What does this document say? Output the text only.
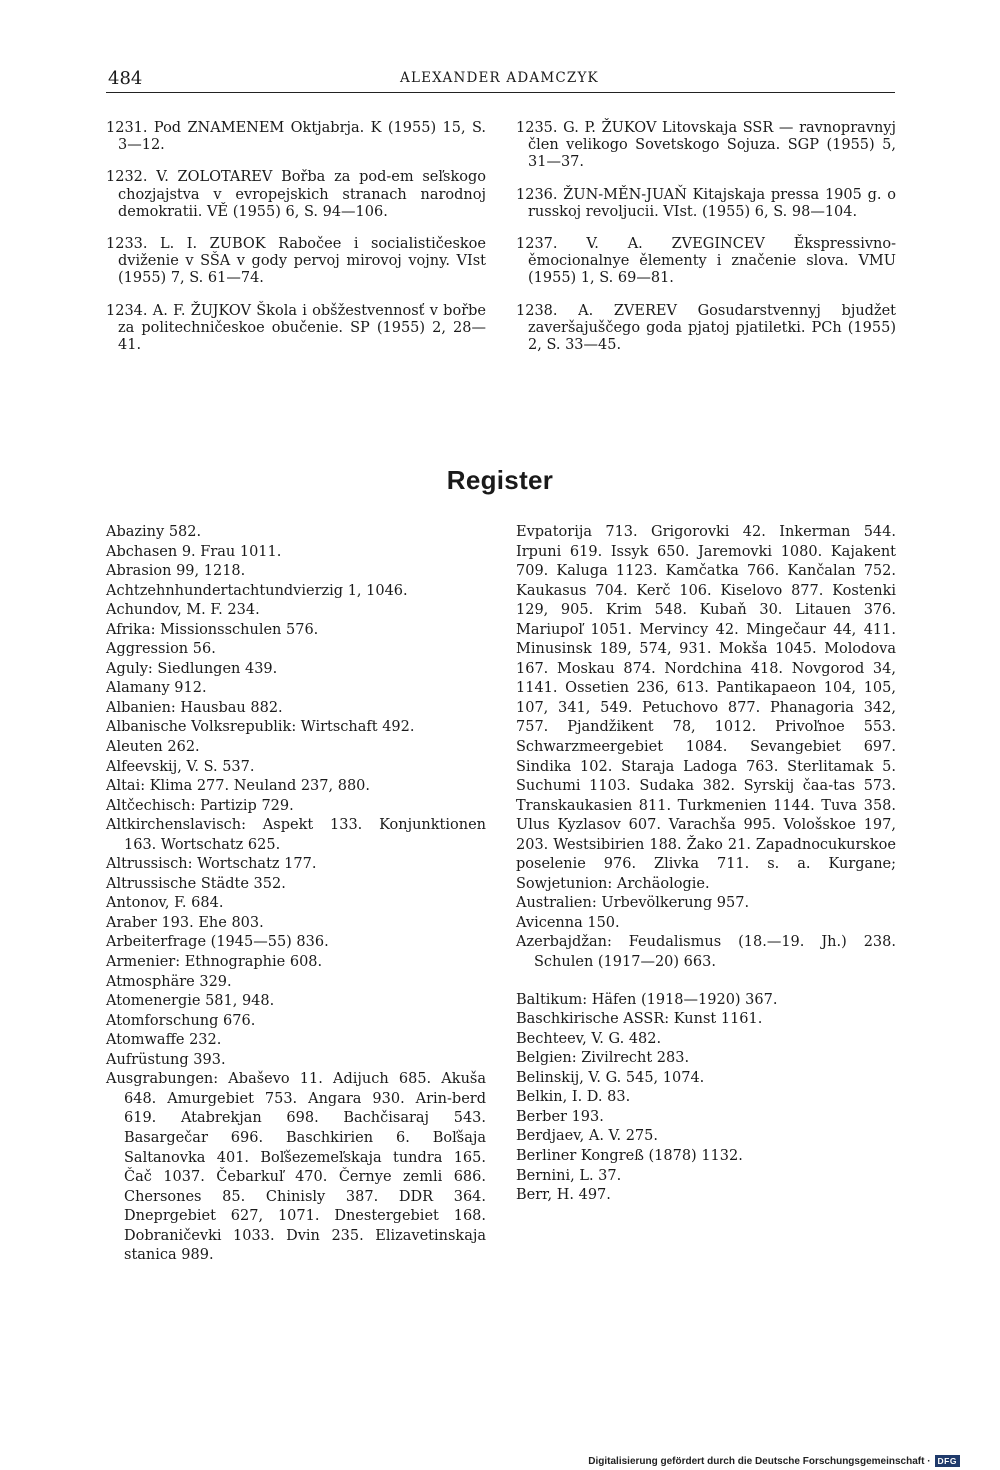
484	ALEXANDER ADAMCZYK

1231. Pod ZNAMENEM Oktjabrja. K (1955) 15, S. 3—12.

1232. V. ZOLOTAREV Bořba za pod-em seľskogo chozjajstva v evropejskich stranach narodnoj demokratii. VĚ (1955) 6, S. 94—106.

1233. L. I. ZUBOK Rabočee i socialističeskoe dviženie v SŠA v gody pervoj mirovoj vojny. VIst (1955) 7, S. 61—74.

1234. A. F. ŽUJKOV Škola i obšžestvennosť v bořbe za politechničeskoe obučenie. SP (1955) 2, 28—41.

1235. G. P. ŽUKOV Litovskaja SSR — ravnopravnyj člen velikogo Sovetskogo Sojuza. SGP (1955) 5, 31—37.

1236. ŽUN-MĚN-JUAŇ Kitajskaja pressa 1905 g. o russkoj revoljucii. VIst. (1955) 6, S. 98—104.

1237. V. A. ZVEGINCEV Ěkspressivno-ěmocionalnye ělementy i značenie slova. VMU (1955) 1, S. 69—81.

1238. A. ZVEREV Gosudarstvennyj bjudžet zaveršajuščego goda pjatoj pjatiletki. PCh (1955) 2, S. 33—45.

Register

Abaziny 582.

Abchasen 9. Frau 1011.

Abrasion 99, 1218.

Achtzehnhundertachtundvierzig 1, 1046.

Achundov, M. F. 234.

Afrika: Missionsschulen 576.

Aggression 56.

Aguly: Siedlungen 439.

Alamany 912.

Albanien: Hausbau 882.

Albanische Volksrepublik: Wirtschaft 492.

Aleuten 262.

Alfeevskij, V. S. 537.

Altai: Klima 277. Neuland 237, 880.

Altčechisch: Partizip 729.

Altkirchenslavisch: Aspekt 133. Konjunktionen 163. Wortschatz 625.

Altrussisch: Wortschatz 177.

Altrussische Städte 352.

Antonov, F. 684.

Araber 193. Ehe 803.

Arbeiterfrage (1945—55) 836.

Armenier: Ethnographie 608.

Atmosphäre 329.

Atomenergie 581, 948.

Atomforschung 676.

Atomwaffe 232.

Aufrüstung 393.

Ausgrabungen: Abaševo 11. Adijuch 685. Akuša 648. Amurgebiet 753. Angara 930. Arin-berd 619. Atabrekjan 698. Bachčisaraj 543. Basargečar 696. Baschkirien 6. Boľšaja Saltanovka 401. Boľšezemeľskaja tundra 165. Čač 1037. Čebarkuľ 470. Černye zemli 686. Chersones 85. Chinisly 387. DDR 364. Dneprgebiet 627, 1071. Dnestergebiet 168. Dobraničevki 1033. Dvin 235. Elizavetinskaja stanica 989.

Evpatorija 713. Grigorovki 42. Inkerman 544. Irpuni 619. Issyk 650. Jaremovki 1080. Kajakent 709. Kaluga 1123. Kamčatka 766. Kančalan 752. Kaukasus 704. Kerč 106. Kiselovo 877. Kostenki 129, 905. Krim 548. Kubaň 30. Litauen 376. Mariupoľ 1051. Mervincy 42. Mingečaur 44, 411. Minusinsk 189, 574, 931. Mokša 1045. Molodova 167. Moskau 874. Nordchina 418. Novgorod 34, 1141. Ossetien 236, 613. Pantikapaeon 104, 105, 107, 341, 549. Petuchovo 877. Phanagoria 342, 757. Pjandžikent 78, 1012. Privoľnoe 553. Schwarzmeergebiet 1084. Sevangebiet 697. Sindika 102. Staraja Ladoga 763. Sterlitamak 5. Suchumi 1103. Sudaka 382. Syrskij čaa-tas 573. Transkaukasien 811. Turkmenien 1144. Tuva 358. Ulus Kyzlasov 607. Varachša 995. Vološskoe 197, 203. Westsibirien 188. Žako 21. Zapadnocukurskoe poselenie 976. Zlivka 711. s. a. Kurgane; Sowjetunion: Archäologie.

Australien: Urbevölkerung 957.

Avicenna 150.

Azerbajdžan: Feudalismus (18.—19. Jh.) 238. Schulen (1917—20) 663.

Baltikum: Häfen (1918—1920) 367.

Baschkirische ASSR: Kunst 1161.

Bechteev, V. G. 482.

Belgien: Zivilrecht 283.

Belinskij, V. G. 545, 1074.

Belkin, I. D. 83.

Berber 193.

Berdjaev, A. V. 275.

Berliner Kongreß (1878) 1132.

Bernini, L. 37.

Berr, H. 497.

Digitalisierung gefördert durch die Deutsche Forschungsgemeinschaft · DFG
